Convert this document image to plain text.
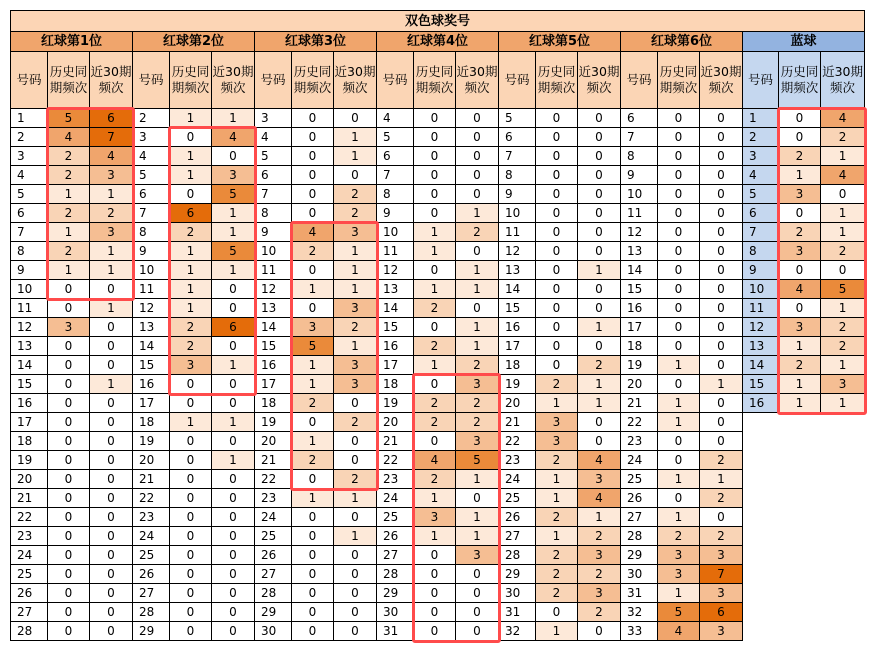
双色球奖号																				
红球第1位			红球第2位			红球第3位			红球第4位			红球第5位			红球第6位			蓝球		
号码	历史同期频次	近30期频次	号码	历史同期频次	近30期频次	号码	历史同期频次	近30期频次	号码	历史同期频次	近30期频次	号码	历史同期频次	近30期频次	号码	历史同期频次	近30期频次	号码	历史同期频次	近30期频次
1	5	6	2	1	1	3	0	0	4	0	0	5	0	0	6	0	0	1	0	4
2	4	7	3	0	4	4	0	1	5	0	0	6	0	0	7	0	0	2	0	2
3	2	4	4	1	0	5	0	1	6	0	0	7	0	0	8	0	0	3	2	1
4	2	3	5	1	3	6	0	0	7	0	0	8	0	0	9	0	0	4	1	4
5	1	1	6	0	5	7	0	2	8	0	0	9	0	0	10	0	0	5	3	0
6	2	2	7	6	1	8	0	2	9	0	1	10	0	0	11	0	0	6	0	1
7	1	3	8	2	1	9	4	3	10	1	2	11	0	0	12	0	0	7	2	1
8	2	1	9	1	5	10	2	1	11	1	0	12	0	0	13	0	0	8	3	2
9	1	1	10	1	1	11	0	1	12	0	1	13	0	1	14	0	0	9	0	0
10	0	0	11	1	0	12	1	1	13	1	1	14	0	0	15	0	0	10	4	5
11	0	1	12	1	0	13	0	3	14	2	0	15	0	0	16	0	0	11	0	1
12	3	0	13	2	6	14	3	2	15	0	1	16	0	1	17	0	0	12	3	2
13	0	0	14	2	0	15	5	1	16	2	1	17	0	0	18	0	0	13	1	2
14	0	0	15	3	1	16	1	3	17	1	2	18	0	2	19	1	0	14	2	1
15	0	1	16	0	0	17	1	3	18	0	3	19	2	1	20	0	1	15	1	3
16	0	0	17	0	0	18	2	0	19	2	2	20	1	1	21	1	0	16	1	1
17	0	0	18	1	1	19	0	2	20	2	2	21	3	0	22	1	0			
18	0	0	19	0	0	20	1	0	21	0	3	22	3	0	23	0	0			
19	0	0	20	0	1	21	2	0	22	4	5	23	2	4	24	0	2			
20	0	0	21	0	0	22	0	2	23	2	1	24	1	3	25	1	1			
21	0	0	22	0	0	23	1	1	24	1	0	25	1	4	26	0	2			
22	0	0	23	0	0	24	0	0	25	3	1	26	2	1	27	1	0			
23	0	0	24	0	0	25	0	1	26	1	1	27	1	2	28	2	2			
24	0	0	25	0	0	26	0	0	27	0	3	28	2	3	29	3	3			
25	0	0	26	0	0	27	0	0	28	0	0	29	2	2	30	3	7			
26	0	0	27	0	0	28	0	0	29	0	0	30	2	3	31	1	3			
27	0	0	28	0	0	29	0	0	30	0	0	31	0	2	32	5	6			
28	0	0	29	0	0	30	0	0	31	0	0	32	1	0	33	4	3			
